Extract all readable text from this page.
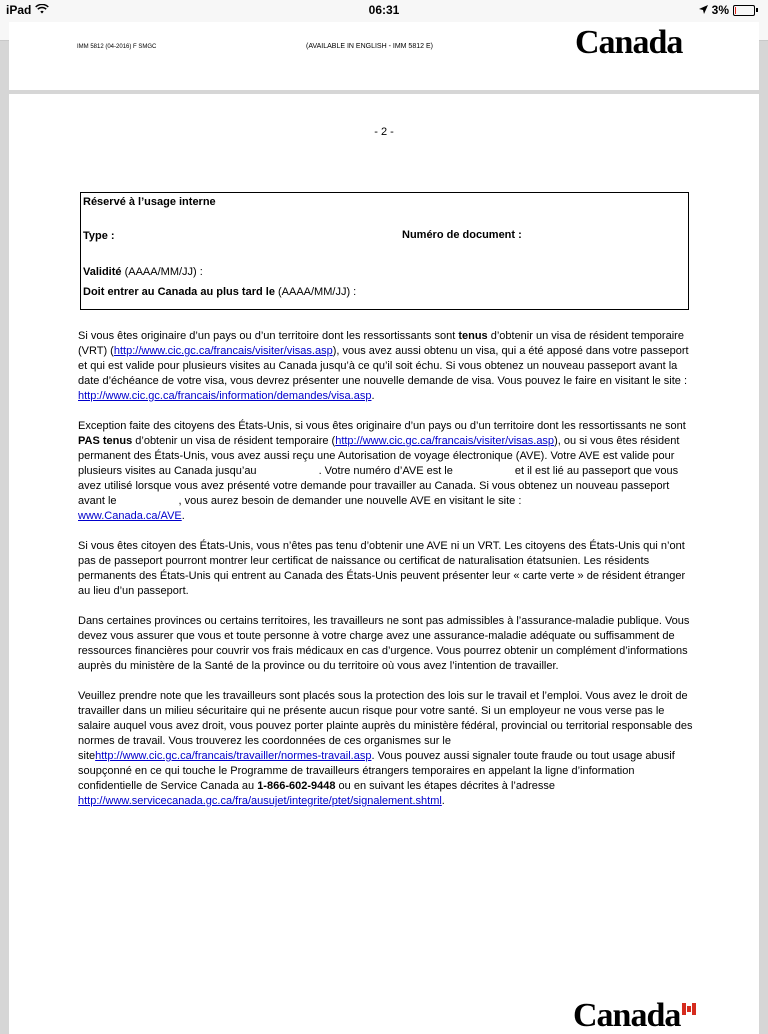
iPad	06:31	3%
IMM 5812 (04-2016) F SMGC	(AVAILABLE IN ENGLISH - IMM 5812 E)	Canada
- 2 -
Réservé à l’usage interne
Type :	Numéro de document :
Validité (AAAA/MM/JJ) :
Doit entrer au Canada au plus tard le (AAAA/MM/JJ) :

Si vous êtes originaire d’un pays ou d’un territoire dont les ressortissants sont tenus d’obtenir un visa de résident temporaire (VRT) (http://www.cic.gc.ca/francais/visiter/visas.asp), vous avez aussi obtenu un visa, qui a été apposé dans votre passeport et qui est valide pour plusieurs visites au Canada jusqu’à ce qu’il soit échu. Si vous obtenez un nouveau passeport avant la date d’échéance de votre visa, vous devrez présenter une nouvelle demande de visa. Vous pouvez le faire en visitant le site :
http://www.cic.gc.ca/francais/information/demandes/visa.asp.

Exception faite des citoyens des États-Unis, si vous êtes originaire d’un pays ou d’un territoire dont les ressortissants ne sont PAS tenus d’obtenir un visa de résident temporaire (http://www.cic.gc.ca/francais/visiter/visas.asp), ou si vous êtes résident permanent des États-Unis, vous avez aussi reçu une Autorisation de voyage électronique (AVE). Votre AVE est valide pour plusieurs visites au Canada jusqu’au	. Votre numéro d’AVE est le	et il est lié au passeport que vous avez utilisé lorsque vous avez présenté votre demande pour travailler au Canada. Si vous obtenez un nouveau passeport avant le	, vous aurez besoin de demander une nouvelle AVE en visitant le site :
www.Canada.ca/AVE.

Si vous êtes citoyen des États-Unis, vous n’êtes pas tenu d’obtenir une AVE ni un VRT. Les citoyens des États-Unis qui n’ont pas de passeport pourront montrer leur certificat de naissance ou certificat de naturalisation étatsunien. Les résidents permanents des États-Unis qui entrent au Canada des États-Unis peuvent présenter leur « carte verte » de résident étranger au lieu d’un passeport.

Dans certaines provinces ou certains territoires, les travailleurs ne sont pas admissibles à l’assurance-maladie publique. Vous devez vous assurer que vous et toute personne à votre charge avez une assurance-maladie adéquate ou suffisamment de ressources financières pour couvrir vos frais médicaux en cas d’urgence. Vous pourrez obtenir un complément d’informations auprès du ministère de la Santé de la province ou du territoire où vous avez l’intention de travailler.

Veuillez prendre note que les travailleurs sont placés sous la protection des lois sur le travail et l’emploi. Vous avez le droit de travailler dans un milieu sécuritaire qui ne présente aucun risque pour votre santé. Si un employeur ne vous verse pas le salaire auquel vous avez droit, vous pouvez porter plainte auprès du ministère fédéral, provincial ou territorial responsable des normes de travail. Vous trouverez les coordonnées de ces organismes sur le sitehttp://www.cic.gc.ca/francais/travailler/normes-travail.asp. Vous pouvez aussi signaler toute fraude ou tout usage abusif soupçonné en ce qui touche le Programme de travailleurs étrangers temporaires en appelant la ligne d’information confidentielle de Service Canada au 1-866-602-9448 ou en suivant les étapes décrites à l’adresse
http://www.servicecanada.gc.ca/fra/ausujet/integrite/ptet/signalement.shtml.

Canada
